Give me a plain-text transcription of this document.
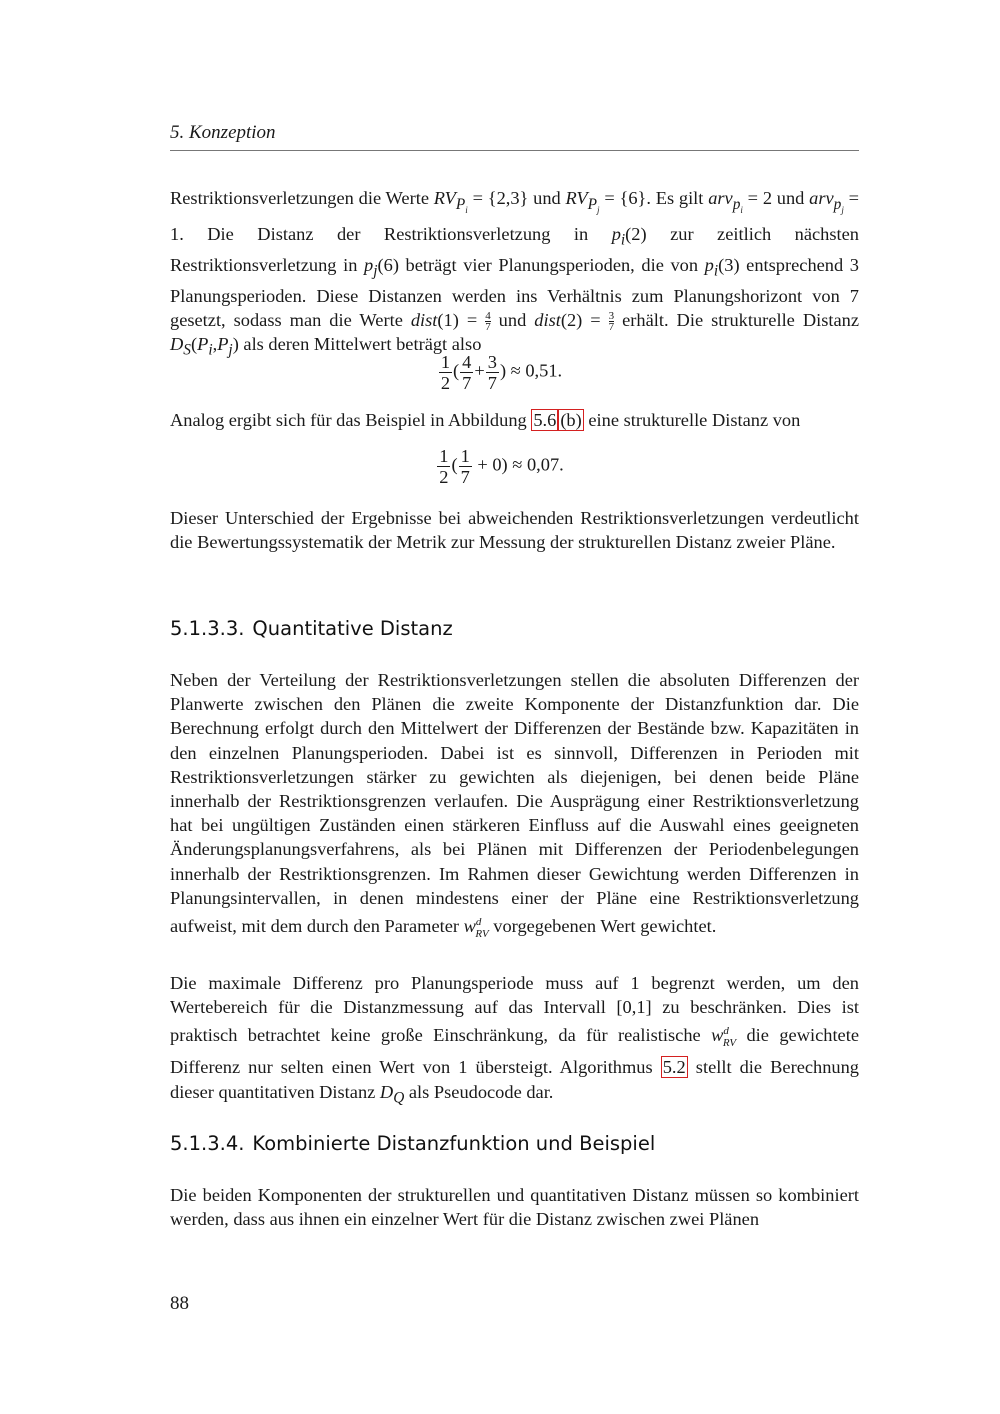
5. Konzeption
Restriktionsverletzungen die Werte $RV_{P_i} = \{2,3\}$ und $RV_{P_j} = \{6\}$. Es gilt arv$_{p_i}$ = 2 und arv$_{p_j}$ = 1. Die Distanz der Restriktionsverletzung in $p_i(2)$ zur zeitlich nächsten Restriktionsverletzung in $p_j(6)$ beträgt vier Planungsperioden, die von $p_i(3)$ entsprechend 3 Planungsperioden. Diese Distanzen werden ins Verhältnis zum Planungshorizont von 7 gesetzt, sodass man die Werte dist(1) = $\frac{4}{7}$ und dist(2) = $\frac{3}{7}$ erhält. Die strukturelle Distanz $D_S(P_i,P_j)$ als deren Mittelwert beträgt also
$\frac{1}{2}$ ( $\frac{4}{7} + \frac{3}{7}$ ) ≈ 0,51.
Analog ergibt sich für das Beispiel in Abbildung 5.6 (b) eine strukturelle Distanz von
$\frac{1}{2}$ ( $\frac{1}{7} + 0) \approx 0,07$.
Dieser Unterschied der Ergebnisse bei abweichenden Restriktionsverletzungen verdeutlicht die Bewertungssystematik der Metrik zur Messung der strukturellen Distanz zweier Pläne.
5.1.3.3. Quantitative Distanz
Neben der Verteilung der Restriktionsverletzungen stellen die absoluten Differenzen der Planwerte zwischen den Plänen die zweite Komponente der Distanzfunktion dar. Die Berechnung erfolgt durch den Mittelwert der Differenzen der Bestände bzw. Kapazitäten in den einzelnen Planungsperioden. Dabei ist es sinnvoll, Differenzen in Perioden mit Restriktionsverletzungen stärker zu gewichten als diejenigen, bei denen beide Pläne innerhalb der Restriktionsgrenzen verlaufen. Die Ausprägung einer Restriktionsverletzung hat bei ungültigen Zuständen einen stärkeren Einfluss auf die Auswahl eines geeigneten Änderungsplanungsverfahrens, als bei Plänen mit Differenzen der Periodenbelegungen innerhalb der Restriktionsgrenzen. Im Rahmen dieser Gewichtung werden Differenzen in Planungsintervallen, in denen mindestens einer der Pläne eine Restriktionsverletzung aufweist, mit dem durch den Parameter $w^d_{RV}$ vorgegebenen Wert gewichtet.
Die maximale Differenz pro Planungsperiode muss auf 1 begrenzt werden, um den Wertebereich für die Distanzmessung auf das Intervall [0,1] zu beschränken. Dies ist praktisch betrachtet keine große Einschränkung, da für realistische $w^d_{RV}$ die gewichtete Differenz nur selten einen Wert von 1 übersteigt. Algorithmus 5.2 stellt die Berechnung dieser quantitativen Distanz $D_Q$ als Pseudocode dar.
5.1.3.4. Kombinierte Distanzfunktion und Beispiel
Die beiden Komponenten der strukturellen und quantitativen Distanz müssen so kombiniert werden, dass aus ihnen ein einzelner Wert für die Distanz zwischen zwei Plänen
88
